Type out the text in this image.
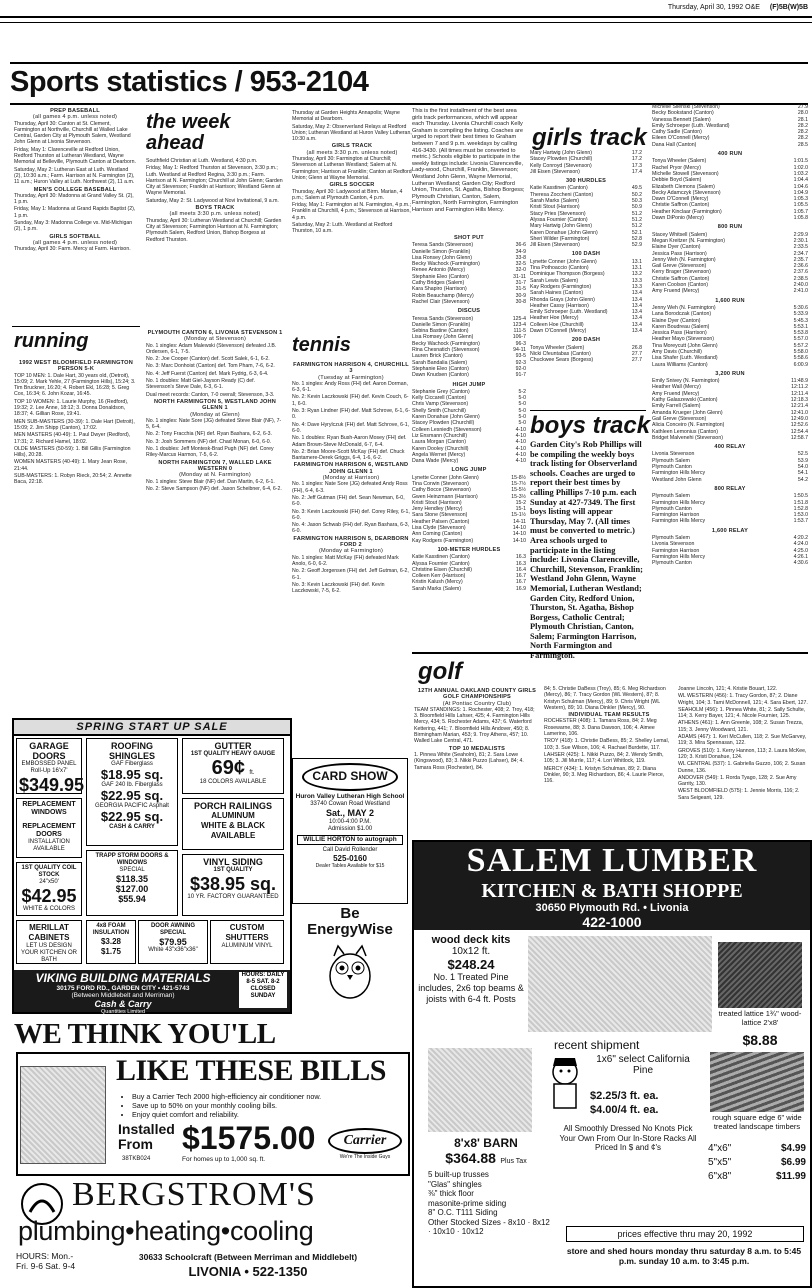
Thursday, April 30, 1992 O&E (F)5B(W)5B
Sports statistics / 953-2104
PREP BASEBALL
(all games 4 p.m. unless noted)

Thursday, April 30: Canton at St. Clement, Farmington at Northville, Churchill at Walled Lake Central, Garden City at Plymouth Salem, Westland John Glenn at Livonia Stevenson.

Friday, May 1: Clarenceville at Redford Union, Redford Thurston at Lutheran Westland, Wayne Memorial at Belleville, Plymouth Canton at Dearborn.

Saturday, May 2: Lutheran East at Luth. Westland (2), 10:30 a.m.; Farm. Harrison at N. Farmington (2), 11 a.m.; Huron Valley at Luth. Northwest (2), 11 a.m.

MEN'S COLLEGE BASEBALL

Thursday, April 30: Madonna at Grand Valley St. (2), 1 p.m.

Friday, May 1: Madonna at Grand Rapids Baptist (2), 1 p.m.

Sunday, May 3: Madonna College vs. Mid-Michigan (2), 1 p.m.

GIRLS SOFTBALL
(all games 4 p.m. unless noted)

Thursday, April 30: Farm. Mercy at Farm. Harrison.

the week ahead

Southfield Christian at Luth. Westland, 4:30 p.m.

Friday, May 1: Redford Thurston at Stevenson, 3:30 p.m.; Luth. Westland at Redford Regina, 3:30 p.m.; Farm. Harrison at N. Farmington; Churchill at John Glenn; Garden City at Stevenson; Franklin at Harrison; Westland Glenn at Wayne Memorial.

Saturday, May 2: St. Ladywood at Novi Invitational, 9 a.m.

BOYS TRACK
(all meets 3:30 p.m. unless noted)

Thursday, April 30: Lutheran Westland at Churchill; Garden City at Stevenson; Farmington Harrison at N. Farmington; Plymouth Salem, Redford Union, Bishop Borgess at Redford Thurston.

Thursday at Garden Heights Annapolis; Wayne Memorial at Dearborn.

Saturday, May 2: Observerland Relays at Redford Union; Lutheran Westland at Huron Valley Lutheran, 10:30 a.m.

GIRLS TRACK
(all meets 3:30 p.m. unless noted)

Thursday, April 30: Farmington at Churchill; Stevenson at Lutheran Westland; Salem at N. Farmington; Harrison at Franklin; Canton at Redford Union; Glenn at Wayne Memorial.

GIRLS SOCCER

Thursday, April 30: Ladywood at Birm. Marian, 4 p.m.; Salem at Plymouth Canton, 4 p.m.

Friday, May 1: Farmington at N. Farmington, 4 p.m.; Franklin at Churchill, 4 p.m.; Stevenson at Harrison, 4 p.m.

Saturday, May 2: Luth. Westland at Redford Thurston, 10 a.m.

This is the first installment of the best area girls track performances, which will appear each Thursday. Livonia Churchill coach Kelly Graham is compiling the listing. Coaches are urged to report their best times to Graham between 7 and 9 p.m. weekdays by calling 416-3430. (All times must be converted to metric.) Schools eligible to participate in the weekly listings include: Livonia Clarenceville, Lady-wood, Churchill, Franklin, Stevenson; Westland John Glenn, Wayne Memorial, Lutheran Westland; Garden City; Redford Union, Thurston, St. Agatha, Bishop Borgess; Plymouth Christian, Canton, Salem, Farmington, North Farmington, Farmington Harrison and Farmington Hills Mercy.

running
1992 WEST BLOOMFIELD FARMINGTON PERSON 5-K

TOP 10 MEN: 1. Dale Hart, 30 years old, (Detroit), 15:09; 2. Mark Yehle, 27 (Farmington Hills), 15:24; 3. Tim Bruckner, 16:20; 4. Robert Ekl, 16:28; 5. Greg Cox, 16:34; 6. John Kozar, 16:45.

TOP 10 WOMEN: 1. Laurie Murphy, 16 (Redford), 19:32; 2. Lee Anne, 18:12; 3. Donna Donaldson, 18:37; 4. Gillian Rose, 19:41.

MEN SUB-MASTERS (30-39): 1. Dale Hart (Detroit), 15:09; 2. Jim Shipp (Canton), 17:02.

MEN MASTERS (40-49): 1. Paul Dwyer (Redford), 17:31; 2. Richard Hamel, 18:02.

OLDE MASTERS (50-59): 1. Bill Gillis (Farmington Hills), 20:28.

WOMEN MASTERS (40-49): 1. Mary Jean Rose, 21:44.

SUB-MASTERS: 1. Robyn Rieck, 20:54; 2. Annette Baca, 22:18.

PLYMOUTH CANTON 6, LIVONIA STEVENSON 1
(Monday at Stevenson)

No. 1 singles: Adam Malewski (Stevenson) defeated J.B. Ordersen, 6-1, 7-5.

No. 2: Joe Cooper (Canton) def. Scott Salek, 6-1, 6-2.

No. 3: Marc Donhoist (Canton) def. Tom Pham, 7-6, 6-2.

No. 4: Jeff Fuerst (Canton) def. Mark Fydrig, 6-3, 6-4.

No. 1 doubles: Matt Giel-Jayson Ready (C) def. Stevenson's Steve Dale, 6-3, 6-1.

Dual meet records: Canton, 7-0 overall; Stevenson, 3-3.

NORTH FARMINGTON 5, WESTLAND JOHN GLENN 1
(Monday at Glenn)

No. 1 singles: Nate Sore (JG) defeated Steve Blair (NF), 7-5, 6-4.

No. 2: Tony Fracchia (NF) def. Ryan Bashara, 6-2, 6-3.

No. 3: Josh Sommers (NF) def. Chad Monan, 6-0, 6-0.

No. 1 doubles: Jeff Montesk-Brad Pugh (NF) def. Corey Riley-Marcus Harmon, 7-5, 6-2.

NORTH FARMINGTON 7, WALLED LAKE WESTERN 0
(Monday at N. Farmington)

No. 1 singles: Steve Blair (NF) def. Dan Martin, 6-2, 6-1.

No. 2: Steve Sampson (NF) def. Jason Scheibner, 6-4, 6-2.

tennis
FARMINGTON HARRISON 4, CHURCHILL 3
(Tuesday at Farmington)

No. 1 singles: Andy Ross (FH) def. Aaron Dorman, 6-3, 6-1.

No. 2: Kevin Laczkowski (FH) def. Kevin Couch, 6-1, 6-0.

No. 3: Ryan Lindner (FH) def. Matt Schrove, 6-1, 6-0.

No. 4: Dave Hyrylczuk (FH) def. Matt Schrove, 6-1, 6-0.

No. 1 doubles: Ryan Bush-Aaron Mosey (FH) def. Adam Brown-Steve McDonald, 6-7, 6-4.

No. 2: Brian Moore-Scott McKay (FH) def. Chuck Bantamere-Derek Griggs, 6-4, 1-6, 6-2.

FARMINGTON HARRISON 6, WESTLAND JOHN GLENN 1
(Monday at Harrison)

No. 1 singles: Nate Sore (JG) defeated Andy Ross (FH), 6-4, 6-3.

No. 2: Jeff Gutman (FH) def. Sean Newman, 6-0, 6-0.

No. 3: Kevin Laczkowski (FH) def. Corey Riley, 6-1, 6-0.

No. 4: Jason Schwab (FH) def. Ryan Bashara, 6-3, 6-0.

FARMINGTON HARRISON 5, DEARBORN FORD 2
(Monday at Farmington)

No. 1 singles: Matt McKay (FH) defeated Mark Anolo, 6-0, 6-2.

No. 2: Geoff Jorgensen (FH) def. Jeff Gutman, 6-2, 6-1.

No. 3: Kevin Laczkowski (FH) def. Kevin Laczkowski, 7-5, 6-2.

SHOT PUT
Teresa Sands (Stevenson)	36-6
Danielle Simon (Franklin)	34-9
Lisa Ronsey (John Glenn)	33-8
Becky Wachock (Farmington)	32-5
Renee Antonio (Mercy)	32-0
Stephanie Eleo (Canton)	31-11
Cathy Bridges (Salem)	31-7
Kara Shapiro (Harrison)	31-5
Robin Beauchamp (Mercy)	30-9
Rachel Clair (Stevenson)	30-8
DISCUS
Teresa Sands (Stevenson)	125-4
Danielle Simon (Franklin)	123-4
Sebina Bastine (Canton)	111-5
Lisa Romsey (John Glenn)	106-7
Becky Wachock (Farmington)	96-3
Rina Chesnatich (Stevenson)	94-11
Lauren Brick (Canton)	93-5
Sarah Bandalia (Salem)	92-3
Stephanie Eleo (Canton)	92-0
Dawn Knudsen (Canton)	91-7
HIGH JUMP
Stephanie Grey (Canton)	5-2
Kelly Ciccarell (Canton)	5-0
Chris Vamp (Stevenson)	5-0
Shelly Smith (Churchill)	5-0
Karen Donahue (John Glenn)	5-0
Stacey Plowden (Churchill)	5-0
Colleen Lesniedh (Stevenson)	4-10
Liz Ensmann (Churchill)	4-10
Laura Morgan (Canton)	4-10
Karen Dooley (Churchill)	4-10
Angela Wernet (Mercy)	4-10
Dana Wade (Mercy)	4-10
LONG JUMP
Lynette Conner (John Glenn)	15-8½
Tina Corwin (Stevenson)	15-7½
Cathy Bocce (Stevenson)	15-5½
Gwen Heinzmann (Harrison)	15-3½
Kristi Stout (Harrison)	15-2
Jeny Hendley (Mercy)	15-1
Sara Stone (Stevenson)	15-1½
Heather Palsen (Canton)	14-11
Lisa Clyde (Stevenson)	14-10
Ann Coming (Canton)	14-10
Kay Rodgers (Farmington)	14-10
100-METER HURDLES
Katie Kasstinen (Canton)	16.3
Alyssa Fournier (Canton)	16.3
Christine Eisen (Churchill)	16.4
Colleen Kerr (Harrison)	16.7
Kristin Kalush (Mercy)	16.7
Sarah Marks (Salem)	16.9
girls track
Mary Hartwig (John Glenn)	17.2
Stacey Plowden (Churchill)	17.2
Kelly Conroyd (Stevenson)	17.3
Jill Eisen (Stevenson)	17.4
300 HURDLES
Katie Kasstinen (Canton)	49.5
Theresa Zoccheni (Canton)	50.2
Sarah Marks (Salem)	50.3
Kristi Stout (Harrison)	50.9
Stacy Pries (Stevenson)	51.2
Alyssa Fournier (Canton)	51.2
Mary Hartwig (John Glenn)	51.2
Karen Donahue (John Glenn)	52.1
Sheri Wilder (Farmington)	52.8
Jill Eisen (Stevenson)	52.9
100 DASH
Lynette Conner (John Glenn)	13.1
Tina Pothoaccio (Canton)	13.1
Dominique Thompson (Borgess)	13.2
Sarah Lewis (Salem)	13.3
Kay Rodgers (Farmington)	13.3
Sarah Haines (Canton)	13.4
Rhonda Grays (John Glenn)	13.4
Heather Cassy (Harrison)	13.4
Emily Schroeper (Luth. Westland)	13.4
Heather Hoe (Mercy)	13.4
Colleen Hoe (Churchill)	13.4
Dawn O'Connell (Mercy)	13.4
200 DASH
Tonya Wheeler (Salem)	26.8
Nicki Cfeuntabas (Canton)	27.7
Chuckwee Sears (Borgess)	27.7
boys track
Garden City's Rob Phillips will be compiling the weekly boys track listing for Observerland schools. Coaches are urged to report their best times by calling Phillips 7-10 p.m. each Sunday at 427-7349. The first boys listing will appear Thursday, May 7. (All times must be converted to metric.) Area schools urged to participate in the listing include: Livonia Clarenceville, Churchill, Stevenson, Franklin; Westland John Glenn, Wayne Memorial, Lutheran Westland; Garden City, Redford Union, Thurston, St. Agatha, Bishop Borgess, Catholic Central; Plymouth Christian, Canton, Salem; Farmington Harrison, North Farmington and Farmington.
Michelle Silenski (Stevenson)	27.9
Becky Bookstand (Canton)	28.0
Vanessa Bennett (Salem)	28.1
Emily Schroeper (Luth. Westland)	28.2
Cathy Sadle (Canton)	28.2
Eileen O'Connell (Mercy)	28.2
Dana Hall (Canton)	28.5
400 RUN
Tonya Wheeler (Salem)	1:01.5
Rachel Pryor (Mercy)	1:02.0
Michelle Stowell (Stevenson)	1:03.2
Debbie Boyd (Salem)	1:04.4
Elizabeth Clemons (Salem)	1:04.6
Becky Adamczyk (Stevenson)	1:04.9
Dawn O'Connell (Mercy)	1:05.3
Christie Saffron (Canton)	1:05.5
Heather Kinclaar (Farmington)	1:05.7
Dawn DiPonio (Mercy)	1:05.8
800 RUN
Stacey Whitsell (Salem)	2:29.9
Megan Kreitzer (N. Farmington)	2:30.1
Elaine Dyer (Canton)	2:33.5
Jessica Pass (Harrison)	2:34.7
Jenny Weh (N. Farmington)	2:35.7
Gail Greve (Stevenson)	2:36.6
Kerry Brager (Stevenson)	2:37.6
Christie Saffron (Canton)	2:38.5
Karen Coolson (Canton)	2:40.0
Amy Fruend (Mercy)	2:41.0
1,600 RUN
Jenny Weh (N. Farmington)	5:30.6
Lana Borodczak (Canton)	5:33.9
Elaine Dyer (Canton)	5:45.3
Karen Boudreau (Salem)	5:53.1
Jessica Pass (Harrison)	5:53.8
Heather Mayo (Stevenson)	5:57.0
Tina Moreycutt (John Glenn)	5:57.2
Amy Davis (Churchill)	5:58.0
Lisa Shafer (Luth. Westland)	5:58.6
Laura Williams (Canton)	6:00.9
3,200 RUN
Emily Snivey (N. Farmington)	11:48.9
Heather Wall (Mercy)	12:11.2
Amy Fruend (Mercy)	12:11.4
Kathy Galaszewski (Canton)	12:18.3
Emily Farrell (Salem)	12:21.4
Amanda Krueger (John Glenn)	12:41.0
Gail Greve (Stevenson)	12:49.0
Alicia Conceiro (N. Farmington)	12:52.6
Kathleen Lemonius (Canton)	12:54.4
Bridget Malvenehi (Stevenson)	12:58.7
400 RELAY
Livonia Stevenson	52.5
Plymouth Salem	53.9
Plymouth Canton	54.0
Farmington Hills Mercy	54.1
Westland John Glenn	54.2
800 RELAY
Plymouth Salem	1:50.5
Farmington Hills Mercy	1:51.8
Plymouth Canton	1:52.8
Farmington Harrison	1:53.0
Farmington Hills Mercy	1:53.7
1,600 RELAY
Plymouth Salem	4:20.2
Livonia Stevenson	4:24.0
Farmington Harrison	4:25.0
Farmington Hills Mercy	4:26.1
Plymouth Canton	4:30.6
golf
12TH ANNUAL OAKLAND COUNTY GIRLS GOLF CHAMPIONSHIPS
(At Pontiac Country Club)

TEAM STANDINGS: 1. Rochester, 408; 2. Troy, 418; 3. Bloomfield Hills Lahser, 425; 4. Farmington Hills Mercy, 434; 5. Rochester Adams, 437; 6. Waterford Kettering, 441; 7. Bloomfield Hills Andover, 450; 8. Birmingham Marian, 453; 9. Troy Athens, 457; 10. Walled Lake Central, 471.

TOP 10 MEDALISTS

1. Pinnea White (Seaholm), 81; 2. Sara Lowe (Kingswood), 83; 3. Nikki Puzzo (Lahser), 84; 4. Tamara Ross (Rochester), 84.

84; 5. Christie DaBess (Troy), 85; 6. Meg Richardson (Mercy), 86; 7. Tracy Gordon (WL Western), 87; 8. Kristyn Schulman (Mercy), 89; 9. Chris Wright (WL Western), 89; 10. Diana Dinkler (Mercy), 90.

INDIVIDUAL TEAM RESULTS

ROCHESTER (408): 1. Tamara Ross, 84; 2. Meg Rosewarne, 88; 3. Dana Dawson, 106; 4. Aimee Lamerino, 106.

TROY (418): 1. Christie DaBess, 85; 2. Shelley Lemal, 103; 3. Sue Wilson, 106; 4. Rachael Burdette, 117.

LAHSER (425): 1. Nikki Puzzo, 84; 2. Wendy Smith, 105; 3. Jill Murrle, 117; 4. Lori Whitlock, 119.

MERCY (434): 1. Kristyn Schulman, 89; 2. Diana Dinkler, 90; 3. Meg Richardson, 86; 4. Laurie Pierce, 116.

Joanne Lincoln, 121; 4. Kristie Bouart, 122.

WL WESTERN (456): 1. Tracy Gordon, 87; 2. Diane Wright, 104; 3. Tami McDonnell, 121; 4. Sara Ebert, 127.

SEAHOLM (456): 1. Pinnea White, 81; 2. Sally Schulte, 114; 3. Kerry Bayer, 121; 4. Nicole Fournier, 125.

ATHENS (461): 1. Ann Greenle, 108; 2. Susan Trezza, 115; 3. Jenny Woodward, 121.

ADAMS (467): 1. Keri McCullen, 118; 2. Sue McGarvey, 119; 3. Mira Spennasan, 122.

GROVES (510): 1. Kerry Hannon, 113; 2. Laura McKee, 120; 3. Kristi Donahue, 124.

WL CENTRAL (537): 1. Gabriella Guzzo, 106; 2. Susan Dunne, 136.

ANDOVER (549): 1. Rorda Tyago, 128; 2. Sue Amy Garrity, 130.

WEST BLOOMFIELD (575): 1. Jennie Morris, 116; 2. Sara Seigeant, 129.

SPRING START UP SALE
GARAGE DOORS
EMBOSSED PANEL Roll-Up 16'x7'
$349.95
ROOFING SHINGLES
GAF Fiberglass
$18.95 sq.
GAF 240 lb. Fiberglass
$22.95 sq.
GEORGIA PACIFIC Asphalt
$22.95 sq.
CASH & CARRY
GUTTER
1ST QUALITY HEAVY GAUGE
69¢ ft.
18 COLORS AVAILABLE
REPLACEMENT WINDOWS
REPLACEMENT DOORS
INSTALLATION AVAILABLE
PORCH RAILINGS
ALUMINUM
WHITE & BLACK AVAILABLE
TRAPP STORM DOORS & WINDOWS
SPECIAL
$118.35
$127.00
$55.94
VINYL SIDING
1ST QUALITY
$38.95 sq.
10 YR. FACTORY GUARANTEED
1ST QUALITY COIL STOCK
24"x50'
$42.95
WHITE & COLORS
MERILLAT CABINETS
LET US DESIGN YOUR KITCHEN OR BATH
4x8 FOAM INSULATION
$3.28
$1.75
DOOR AWNING SPECIAL
$79.95
White 43"x36"x36"
CUSTOM SHUTTERS
ALUMINUM VINYL
VIKING BUILDING MATERIALS
30175 FORD RD., GARDEN CITY • 421-5743
(Between Middlebelt and Merriman)
Cash & Carry
Quantities Limited
HOURS: DAILY 8-5 SAT. 8-2 CLOSED SUNDAY
CARD SHOW
Huron Valley Lutheran High School
33740 Cowan Road Westland
Sat., MAY 2
10:00-4:00 P.M.
Admission $1.00
WILLIE HORTON to autograph
Call David Rollender
525-0160
Dealer Tables Available for $15
Be EnergyWise
WE THINK YOU'LL
LIKE THESE BILLS
• Buy a Carrier Tech 2000 high-efficiency air conditioner now.
• Save up to 50% on your monthly cooling bills.
• Enjoy quiet comfort and reliability.
Installed From $1575.00
38TKB024	For homes up to 1,000 sq. ft.
Carrier
We're The Inside Guys
BERGSTROM'S
plumbing•heating•cooling
HOURS: Mon.-Fri. 9-6 Sat. 9-4
30633 Schoolcraft (Between Merriman and Middlebelt)
LIVONIA • 522-1350
SALEM LUMBER
KITCHEN & BATH SHOPPE
30650 Plymouth Rd. • Livonia
422-1000
wood deck kits
10x12 ft.
$248.24
No. 1 Treated Pine includes, 2x6 top beams & joists with 6-4 ft. Posts
treated lattice 1¾" wood-lattice 2'x8'
$8.88
recent shipment
1x6" select California Pine
$2.25/3 ft. ea.
$4.00/4 ft. ea.
All Smoothly Dressed No Knots Pick Your Own From Our In-Store Racks All Priced In $ and ¢'s
rough square edge 6" wide treated landscape timbers
4"x6"	$4.99
5"x5"	$6.99
6"x8"	$11.99
8'x8' BARN
$364.88 Plus Tax
5 built-up trusses
"Glas" shingles
⅜" thick floor
masonite-prime siding
8" O.C. T111 Siding
Other Stocked Sizes - 8x10 · 8x12 · 10x10 · 10x12	prices effective thru may 20, 1992
store and shed hours monday thru saturday 8 a.m. to 5:45 p.m. sunday 10 a.m. to 3:45 p.m.
